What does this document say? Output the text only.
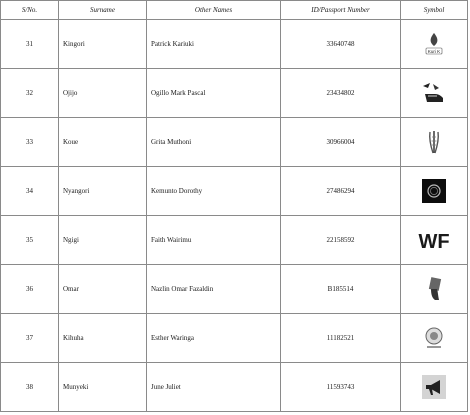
S/No.	Surname	Other Names	ID/Passport Number	Symbol
31	Kingori	Patrick Kariuki	33640748	Kuri K

32	Ojijo	Ogillo Mark Pascal	23434802	

33	Koue	Grita Muthoni	30966004	

34	Nyangori	Kemunto Dorothy	27486294	

35	Ngigi	Faith Wairimu	22158592	WF

36	Omar	Nazlin Omar Fazaldin	B185514	

37	Kihuha	Esther Waringa	11182521	

38	Munyeki	June Juliet	11593743	
